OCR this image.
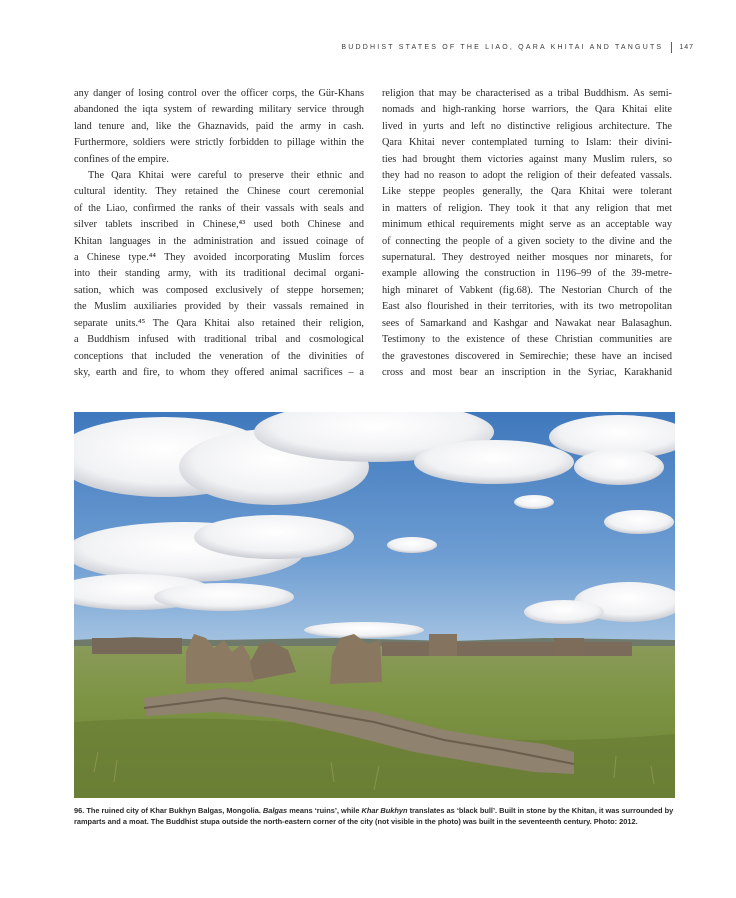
BUDDHIST STATES OF THE LIAO, QARA KHITAI AND TANGUTS 147

any danger of losing control over the officer corps, the Gür-Khans
abandoned the iqta system of rewarding military service through
land tenure and, like the Ghaznavids, paid the army in cash.
Furthermore, soldiers were strictly forbidden to pillage within the
confines of the empire.

The Qara Khitai were careful to preserve their ethnic and
cultural identity. They retained the Chinese court ceremonial
of the Liao, confirmed the ranks of their vassals with seals and
silver tablets inscribed in Chinese,⁴³ used both Chinese and
Khitan languages in the administration and issued coinage of
a Chinese type.⁴⁴ They avoided incorporating Muslim forces
into their standing army, with its traditional decimal organi-
sation, which was composed exclusively of steppe horsemen;
the Muslim auxiliaries provided by their vassals remained in
separate units.⁴⁵ The Qara Khitai also retained their religion,
a Buddhism infused with traditional tribal and cosmological
conceptions that included the veneration of the divinities of
sky, earth and fire, to whom they offered animal sacrifices – a

religion that may be characterised as a tribal Buddhism. As semi-
nomads and high-ranking horse warriors, the Qara Khitai elite
lived in yurts and left no distinctive religious architecture. The
Qara Khitai never contemplated turning to Islam: their divini-
ties had brought them victories against many Muslim rulers, so
they had no reason to adopt the religion of their defeated vassals.
Like steppe peoples generally, the Qara Khitai were tolerant
in matters of religion. They took it that any religion that met
minimum ethical requirements might serve as an acceptable way
of connecting the people of a given society to the divine and the
supernatural. They destroyed neither mosques nor minarets, for
example allowing the construction in 1196–99 of the 39-metre-
high minaret of Vabkent (fig.68). The Nestorian Church of the
East also flourished in their territories, with its two metropolitan
sees of Samarkand and Kashgar and Nawakat near Balasaghun.
Testimony to the existence of these Christian communities are
the gravestones discovered in Semirechie; these have an incised
cross and most bear an inscription in the Syriac, Karakhanid

96. The ruined city of Khar Bukhyn Balgas, Mongolia. Balgas means ‘ruins’, while Khar Bukhyn translates as ‘black bull’. Built in stone by the Khitan, it was surrounded by ramparts and a moat. The Buddhist stupa outside the north-eastern corner of the city (not visible in the photo) was built in the seventeenth century. Photo: 2012.
